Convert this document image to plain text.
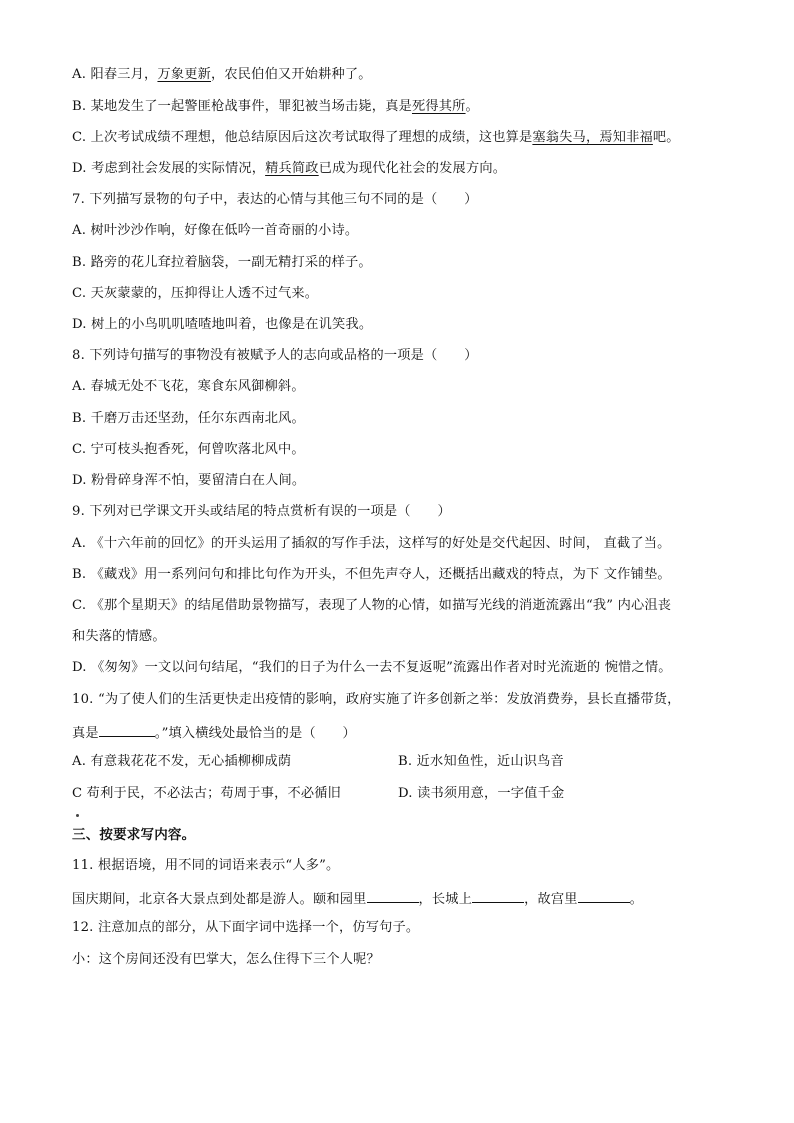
A. 阳春三月，万象更新，农民伯伯又开始耕种了。
B. 某地发生了一起警匪枪战事件，罪犯被当场击毙，真是死得其所。
C. 上次考试成绩不理想，他总结原因后这次考试取得了理想的成绩，这也算是塞翁失马，焉知非福吧。
D. 考虑到社会发展的实际情况，精兵简政已成为现代化社会的发展方向。
7. 下列描写景物的句子中，表达的心情与其他三句不同的是（　　）
A. 树叶沙沙作响，好像在低吟一首奇丽的小诗。
B. 路旁的花儿耷拉着脑袋，一副无精打采的样子。
C. 天灰蒙蒙的，压抑得让人透不过气来。
D. 树上的小鸟叽叽喳喳地叫着，也像是在讥笑我。
8. 下列诗句描写的事物没有被赋予人的志向或品格的一项是（　　）
A. 春城无处不飞花，寒食东风御柳斜。
B. 千磨万击还坚劲，任尔东西南北风。
C. 宁可枝头抱香死，何曾吹落北风中。
D. 粉骨碎身浑不怕，要留清白在人间。
9. 下列对已学课文开头或结尾的特点赏析有误的一项是（　　）
A. 《十六年前的回忆》的开头运用了插叙的写作手法，这样写的好处是交代起因、时间， 直截了当。
B. 《藏戏》用一系列问句和排比句作为开头，不但先声夺人，还概括出藏戏的特点，为下 文作铺垫。
C. 《那个星期天》的结尾借助景物描写，表现了人物的心情，如描写光线的消逝流露出“我” 内心沮丧
和失落的情感。
D. 《匆匆》一文以问句结尾，“我们的日子为什么一去不复返呢”流露出作者对时光流逝的 惋惜之情。
10. “为了使人们的生活更快走出疫情的影响，政府实施了许多创新之举：发放消费券，县长直播带货，
真是	。”填入横线处最恰当的是（　　）
A. 有意栽花花不发，无心插柳柳成荫	B. 近水知鱼性，近山识鸟音
C 苟利于民，不必法古；苟周于事，不必循旧	D. 读书须用意，一字值千金
三、按要求写内容。
11. 根据语境，用不同的词语来表示“人多”。
国庆期间，北京各大景点到处都是游人。颐和园里	，长城上	，故宫里	。
12. 注意加点的部分，从下面字词中选择一个，仿写句子。
小：这个房间还没有巴掌大，怎么住得下三个人呢？
